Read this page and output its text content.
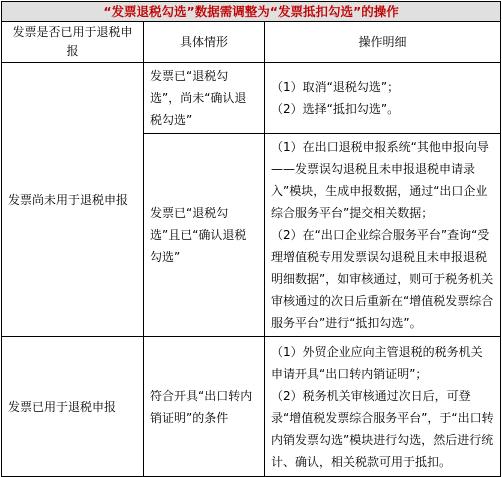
“发票退税勾选”数据需调整为“发票抵扣勾选”的操作		
发票是否已用于退税申报	具体情形	操作明细
发票尚未用于退税申报	发票已“退税勾选”，尚未“确认退税勾选”	（1）取消“退税勾选”；
（2）选择“抵扣勾选”。

	发票已“退税勾选”且已“确认退税勾选”	（1）在出口退税申报系统“其他申报向导——发票误勾退税且未申报退税申请录入”模块，生成申报数据，通过“出口企业综合服务平台”提交相关数据；
（2）在“出口企业综合服务平台”查询“受理增值税专用发票误勾退税且未申报退税明细数据”，如审核通过，则可于税务机关审核通过的次日后重新在“增值税发票综合服务平台”进行“抵扣勾选”。

发票已用于退税申报	符合开具“出口转内销证明”的条件	（1）外贸企业应向主管退税的税务机关申请开具“出口转内销证明”；
（2）税务机关审核通过次日后，可登录“增值税发票综合服务平台”，于“出口转内销发票勾选”模块进行勾选，然后进行统计、确认，相关税款可用于抵扣。
